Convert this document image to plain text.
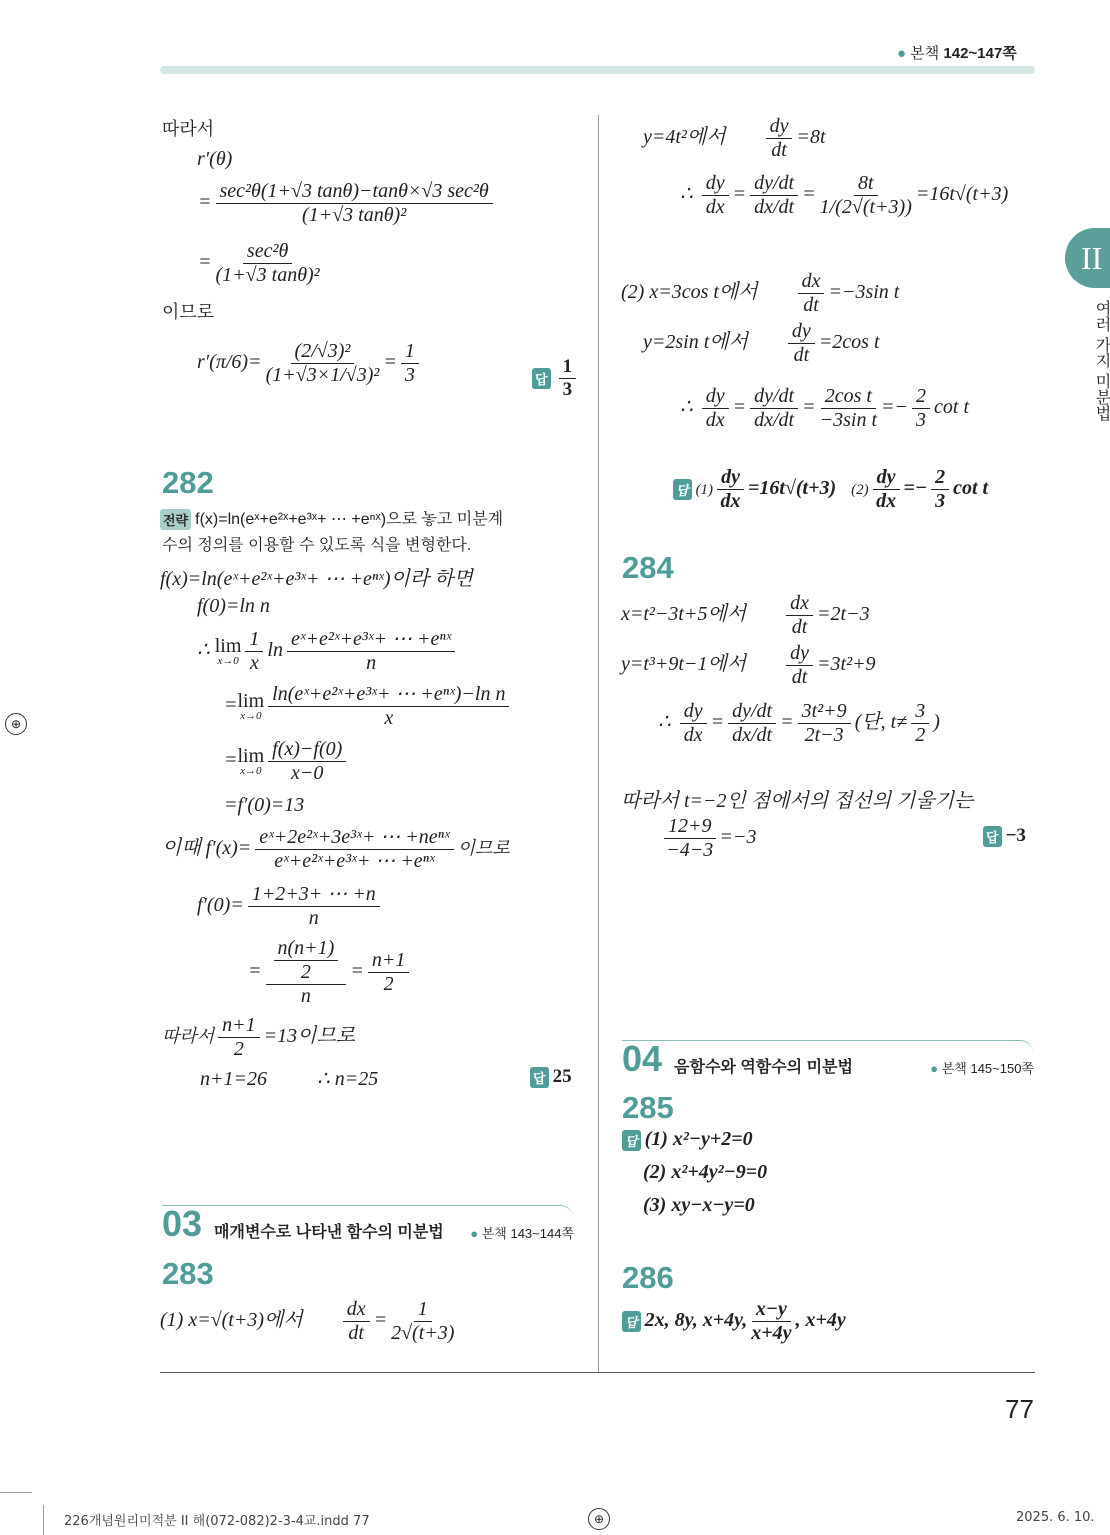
● 본책 142~147쪽
II
여러 가지 미분법
따라서
r′(θ)
=
sec²θ(1+√3 tanθ)−tanθ×√3 sec²θ
(1+√3 tanθ)²
=
sec²θ
(1+√3 tanθ)²
이므로
$r'(\pi/6)= \frac{\text{(2/√3)²}}{\text{(1+√3×1/√3)²}} = \frac{1}{3}$	답 $\frac{1}{3}$
282
전략 f(x)=ln(eˣ+e²ˣ+e³ˣ+ ⋯ +eⁿˣ)으로 놓고 미분계
수의 정의를 이용할 수 있도록 식을 변형한다.
f(x)=ln(eˣ+e²ˣ+e³ˣ+ ⋯ +eⁿˣ)이라 하면
f(0)=ln n
∴ lim
$x\to 0 \frac{1}{x}$ ln
eˣ+e²ˣ+e³ˣ+ ⋯ +eⁿˣ
n
= lim
x→0
ln(eˣ+e²ˣ+e³ˣ+ ⋯ +eⁿˣ)−ln n
x
= lim
$x\to 0 \frac{f(x)-f(0)}{x-0}$
=f′(0)=13
이때 f′(x)=
eˣ+2e²ˣ+3e³ˣ+ ⋯ +neⁿˣ
eˣ+e²ˣ+e³ˣ+ ⋯ +eⁿˣ
이므로
$f'(0)= \frac{1+2+3+ \cdots +n}{n}$
= $\frac{\frac{n(n+1)}{2}}{n} = \frac{n+1}{2}$
따라서 $\frac{n+1}{2} =13$이므로
n+1=26	∴ n=25	답 25
03 매개변수로 나타낸 함수의 미분법 ● 본책 143~144쪽
283
(1) x=√(t+3)에서 $\frac{dx}{dt} = \frac{1}{2√(t+3)}$
y=4t²에서 $\frac{dy}{dt} =8t$
∴ $\frac{dy}{dx} = \frac{dy/dt}{dx/dt} = \frac{8t}{1/(2√(t+3))} =16t√(t+3)$
(2) x=3cos t에서 $\frac{dx}{dt} =-3\sin$ t
y=2sin t에서 $\frac{dy}{dt} =2\cos$ t
∴ $\frac{dy}{dx} = \frac{dy/dt}{dx/dt} = \frac{\text{2cos t}}{\text{−3sin t}} =- \frac{2}{3}$ cot t
답 $(1) \frac{dy}{dx} =16t√(t+3)$ $(2) \frac{dy}{dx} =- \frac{2}{3}$ cot t
284
x=t²−3t+5에서 $\frac{dx}{dt} =2t-3$
y=t³+9t−1에서 $\frac{dy}{dt} =3t^2+9$
∴ $\frac{dy}{dx} = \frac{dy/dt}{dx/dt} = \frac{\text{3t²+9}}{2t-3}$ (단, $t\ne \frac{3}{2}$ )
따라서 t=−2인 점에서의 접선의 기울기는
$\frac{12+9}{-4-3} =-3$	답 −3
04 음함수와 역함수의 미분법	● 본책 145~150쪽
285
답 (1) x²−y+2=0
(2) x²+4y²−9=0
(3) xy−x−y=0
286
답 2x, 8y, x+4y, $\frac{x-y}{x+4y}$ , x+4y
77
⊕
⊕
226개념원리미적분 II 해(072-082)2-3-4교.indd 77	2025. 6. 10.
